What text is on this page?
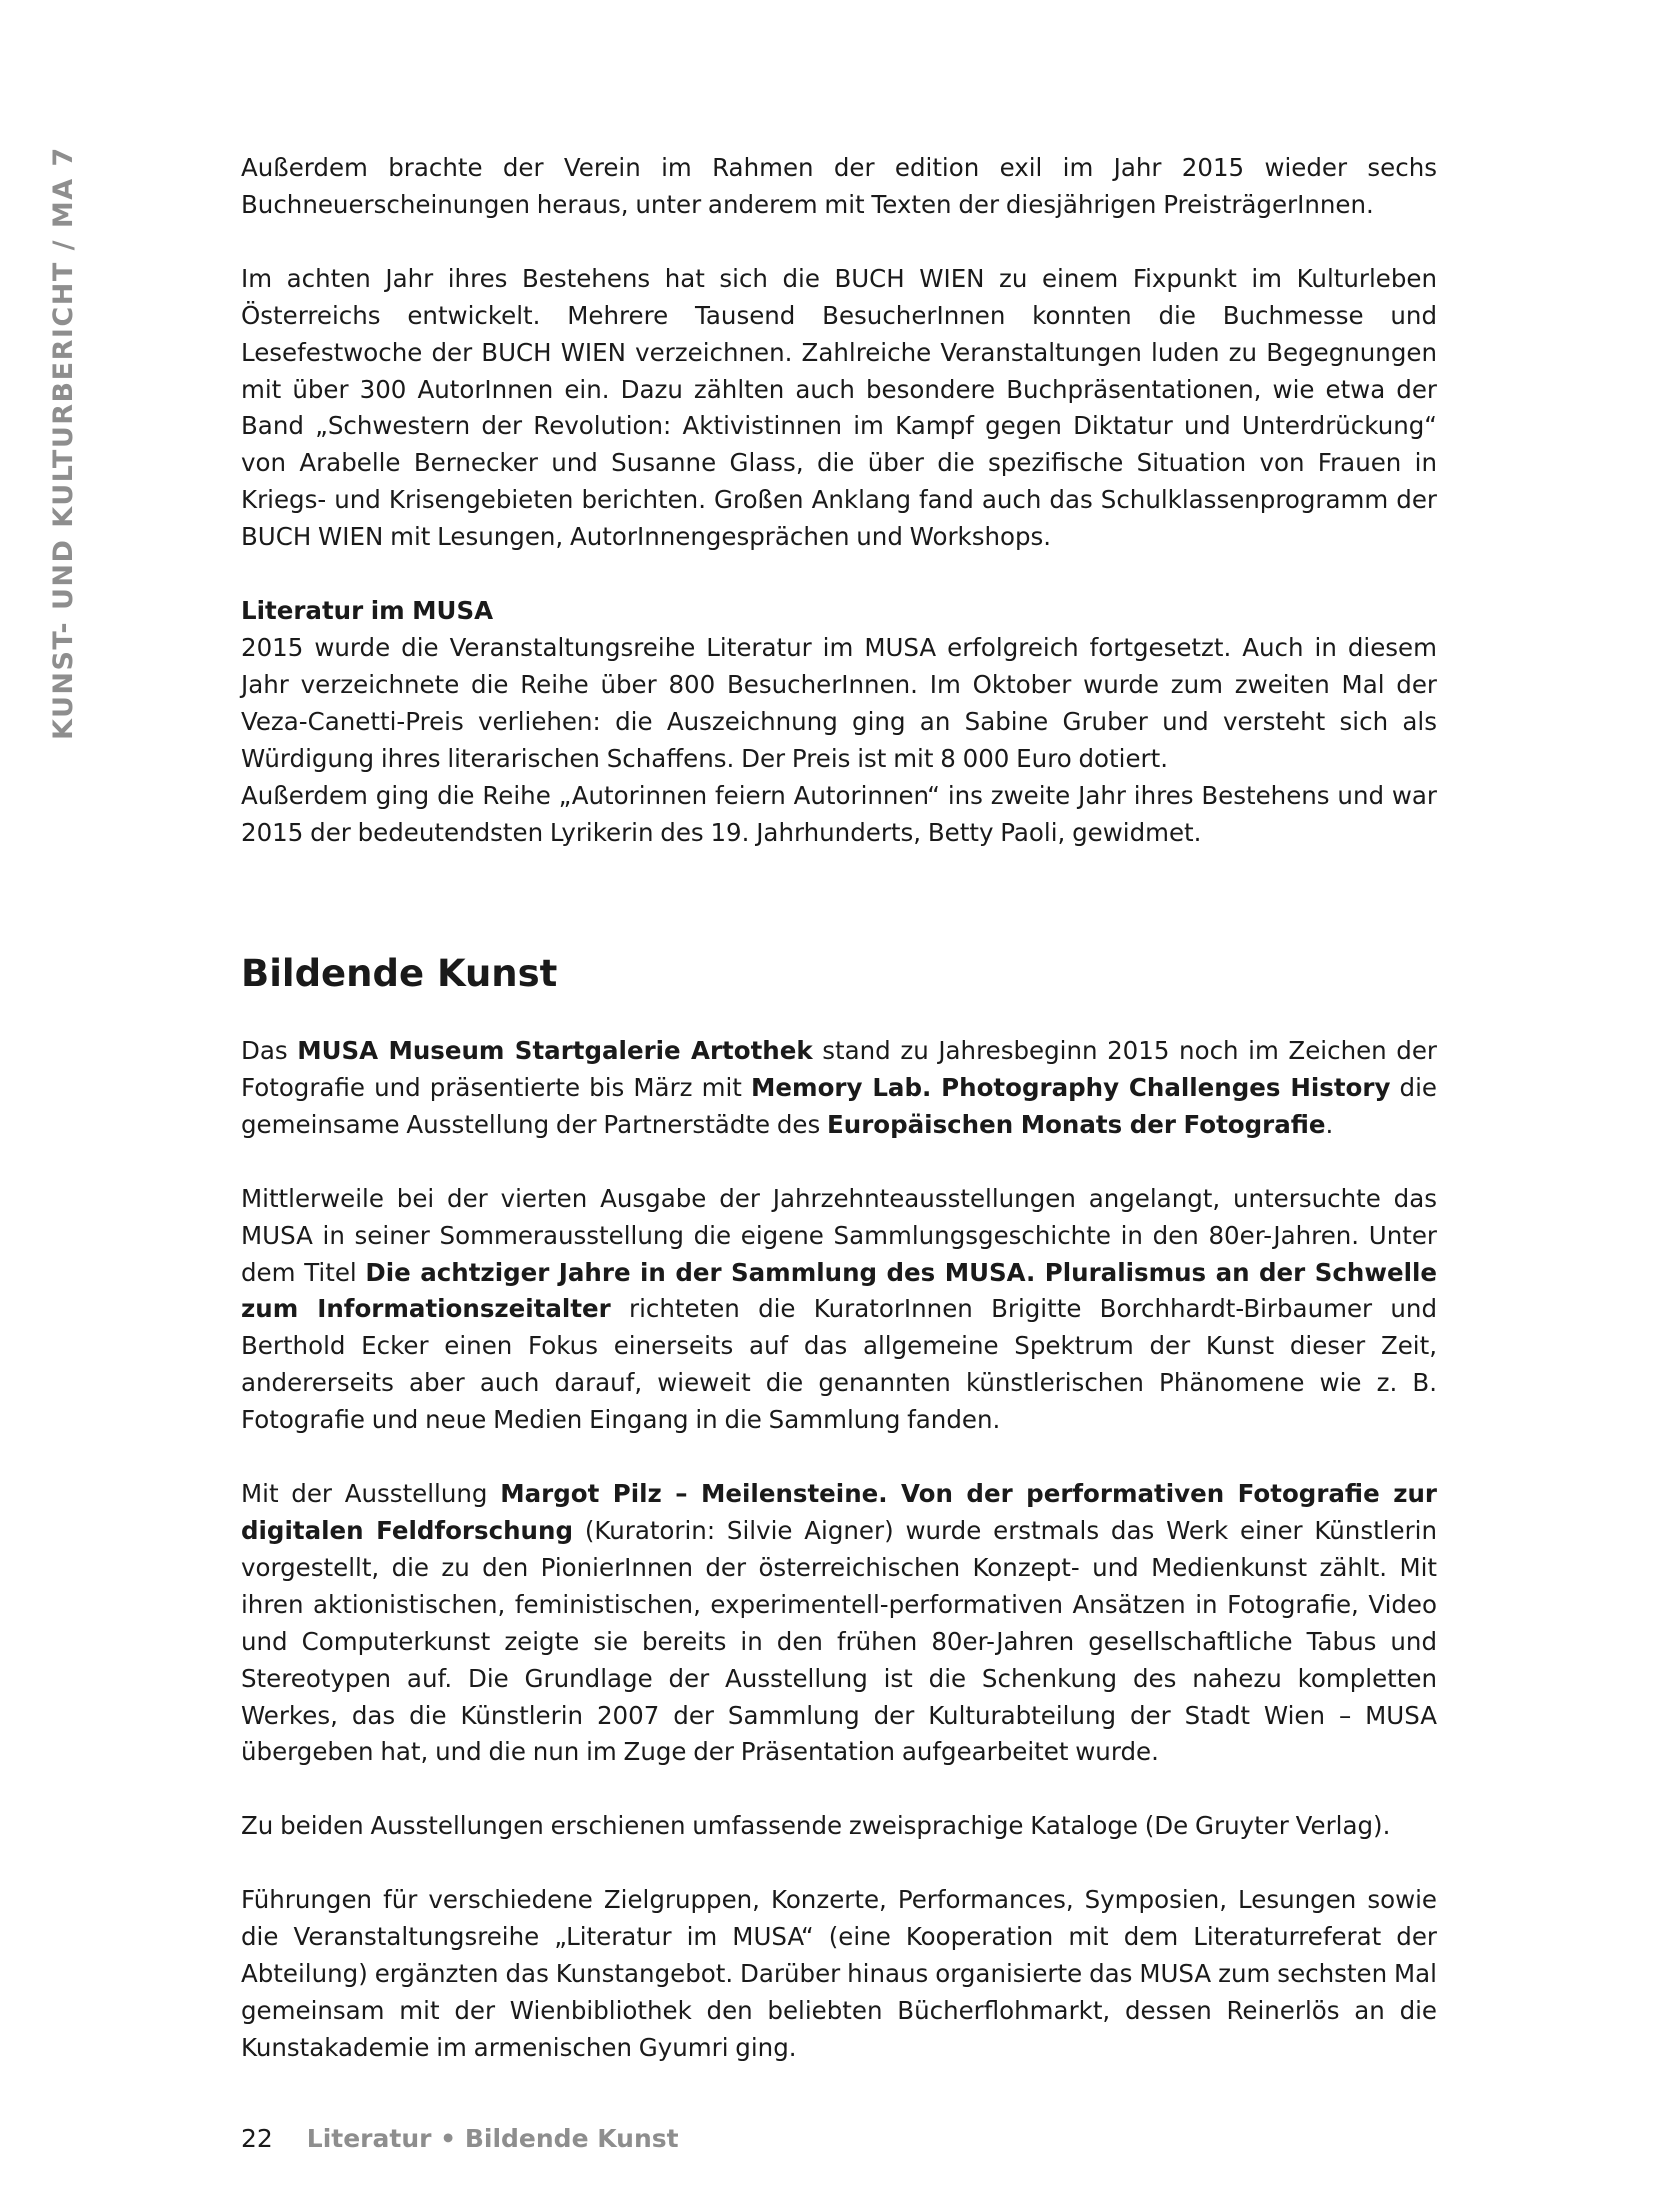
KUNST- UND KULTURBERICHT / MA 7	Außerdem brachte der Verein im Rahmen der edition exil im Jahr 2015 wieder sechs Buchneuerscheinungen heraus, unter anderem mit Texten der diesjährigen PreisträgerInnen.

Im achten Jahr ihres Bestehens hat sich die BUCH WIEN zu einem Fixpunkt im Kulturleben Österreichs entwickelt. Mehrere Tausend BesucherInnen konnten die Buchmesse und Lesefestwoche der BUCH WIEN verzeichnen. Zahlreiche Veranstaltungen luden zu Begegnungen mit über 300 AutorInnen ein. Dazu zählten auch besondere Buchpräsentationen, wie etwa der Band „Schwestern der Revolution: Aktivistinnen im Kampf gegen Diktatur und Unterdrückung“ von Arabelle Bernecker und Susanne Glass, die über die spezifische Situation von Frauen in Kriegs- und Krisengebieten berichten. Großen Anklang fand auch das Schulklassenprogramm der BUCH WIEN mit Lesungen, AutorInnengesprächen und Workshops.

Literatur im MUSA
2015 wurde die Veranstaltungsreihe Literatur im MUSA erfolgreich fortgesetzt. Auch in diesem Jahr verzeichnete die Reihe über 800 BesucherInnen. Im Oktober wurde zum zweiten Mal der Veza-Canetti-Preis verliehen: die Auszeichnung ging an Sabine Gruber und versteht sich als Würdigung ihres literarischen Schaffens. Der Preis ist mit 8 000 Euro dotiert.
Außerdem ging die Reihe „Autorinnen feiern Autorinnen“ ins zweite Jahr ihres Bestehens und war 2015 der bedeutendsten Lyrikerin des 19. Jahrhunderts, Betty Paoli, gewidmet.

Bildende Kunst

Das MUSA Museum Startgalerie Artothek stand zu Jahresbeginn 2015 noch im Zeichen der Fotografie und präsentierte bis März mit Memory Lab. Photography Challenges History die gemeinsame Ausstellung der Partnerstädte des Europäischen Monats der Fotografie.

Mittlerweile bei der vierten Ausgabe der Jahrzehnteausstellungen angelangt, untersuchte das MUSA in seiner Sommerausstellung die eigene Sammlungsgeschichte in den 80er-Jahren. Unter dem Titel Die achtziger Jahre in der Sammlung des MUSA. Pluralismus an der Schwelle zum Informationszeitalter richteten die KuratorInnen Brigitte Borchhardt-Birbaumer und Berthold Ecker einen Fokus einerseits auf das allgemeine Spektrum der Kunst dieser Zeit, andererseits aber auch darauf, wieweit die genannten künstlerischen Phänomene wie z. B. Fotografie und neue Medien Eingang in die Sammlung fanden.

Mit der Ausstellung Margot Pilz – Meilensteine. Von der performativen Fotografie zur digitalen Feldforschung (Kuratorin: Silvie Aigner) wurde erstmals das Werk einer Künstlerin vorgestellt, die zu den PionierInnen der österreichischen Konzept- und Medienkunst zählt. Mit ihren aktionistischen, feministischen, experimentell-performativen Ansätzen in Fotografie, Video und Computerkunst zeigte sie bereits in den frühen 80er-Jahren gesellschaftliche Tabus und Stereotypen auf. Die Grundlage der Ausstellung ist die Schenkung des nahezu kompletten Werkes, das die Künstlerin 2007 der Sammlung der Kulturabteilung der Stadt Wien – MUSA übergeben hat, und die nun im Zuge der Präsentation aufgearbeitet wurde.

Zu beiden Ausstellungen erschienen umfassende zweisprachige Kataloge (De Gruyter Verlag).

Führungen für verschiedene Zielgruppen, Konzerte, Performances, Symposien, Lesungen sowie die Veranstaltungsreihe „Literatur im MUSA“ (eine Kooperation mit dem Literaturreferat der Abteilung) ergänzten das Kunstangebot. Darüber hinaus organisierte das MUSA zum sechsten Mal gemeinsam mit der Wienbibliothek den beliebten Bücherflohmarkt, dessen Reinerlös an die Kunstakademie im armenischen Gyumri ging.

22 Literatur • Bildende Kunst
